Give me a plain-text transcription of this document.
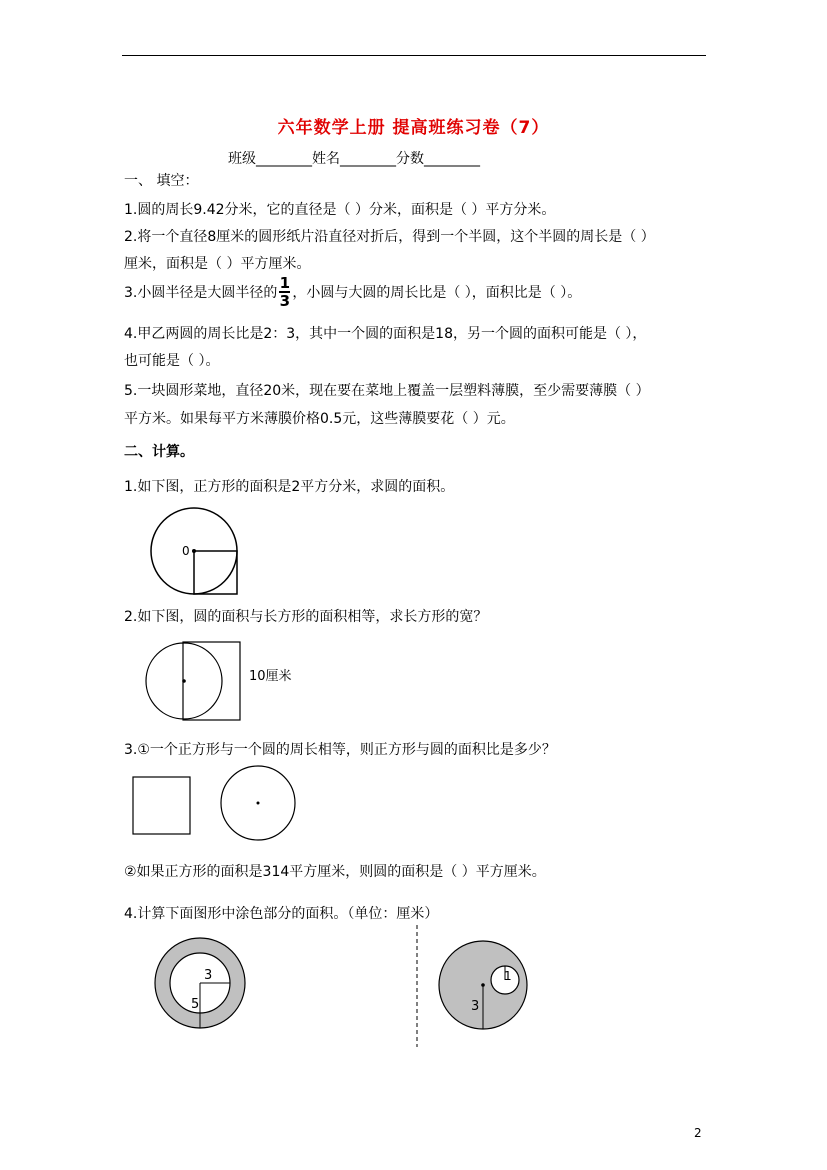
六年数学上册 提高班练习卷（7）
班级________姓名________分数________
一、 填空：
1.圆的周长9.42分米，它的直径是（ ）分米，面积是（ ）平方分米。
2.将一个直径8厘米的圆形纸片沿直径对折后，得到一个半圆，这个半圆的周长是（ ）
厘米，面积是（ ）平方厘米。
3.小圆半径是大圆半径的 $\frac{1}{3}$ ，小圆与大圆的周长比是（ ），面积比是（ ）。
4.甲乙两圆的周长比是2：3，其中一个圆的面积是18，另一个圆的面积可能是（ ），
也可能是（ ）。
5.一块圆形菜地，直径20米，现在要在菜地上覆盖一层塑料薄膜，至少需要薄膜（ ）
平方米。如果每平方米薄膜价格0.5元，这些薄膜要花（ ）元。
二、计算。
1.如下图，正方形的面积是2平方分米，求圆的面积。
0
2.如下图，圆的面积与长方形的面积相等，求长方形的宽？
10厘米
3.①一个正方形与一个圆的周长相等，则正方形与圆的面积比是多少？
②如果正方形的面积是314平方厘米，则圆的面积是（ ）平方厘米。
4.计算下面图形中涂色部分的面积。（单位：厘米）
3
5
1
3
2
